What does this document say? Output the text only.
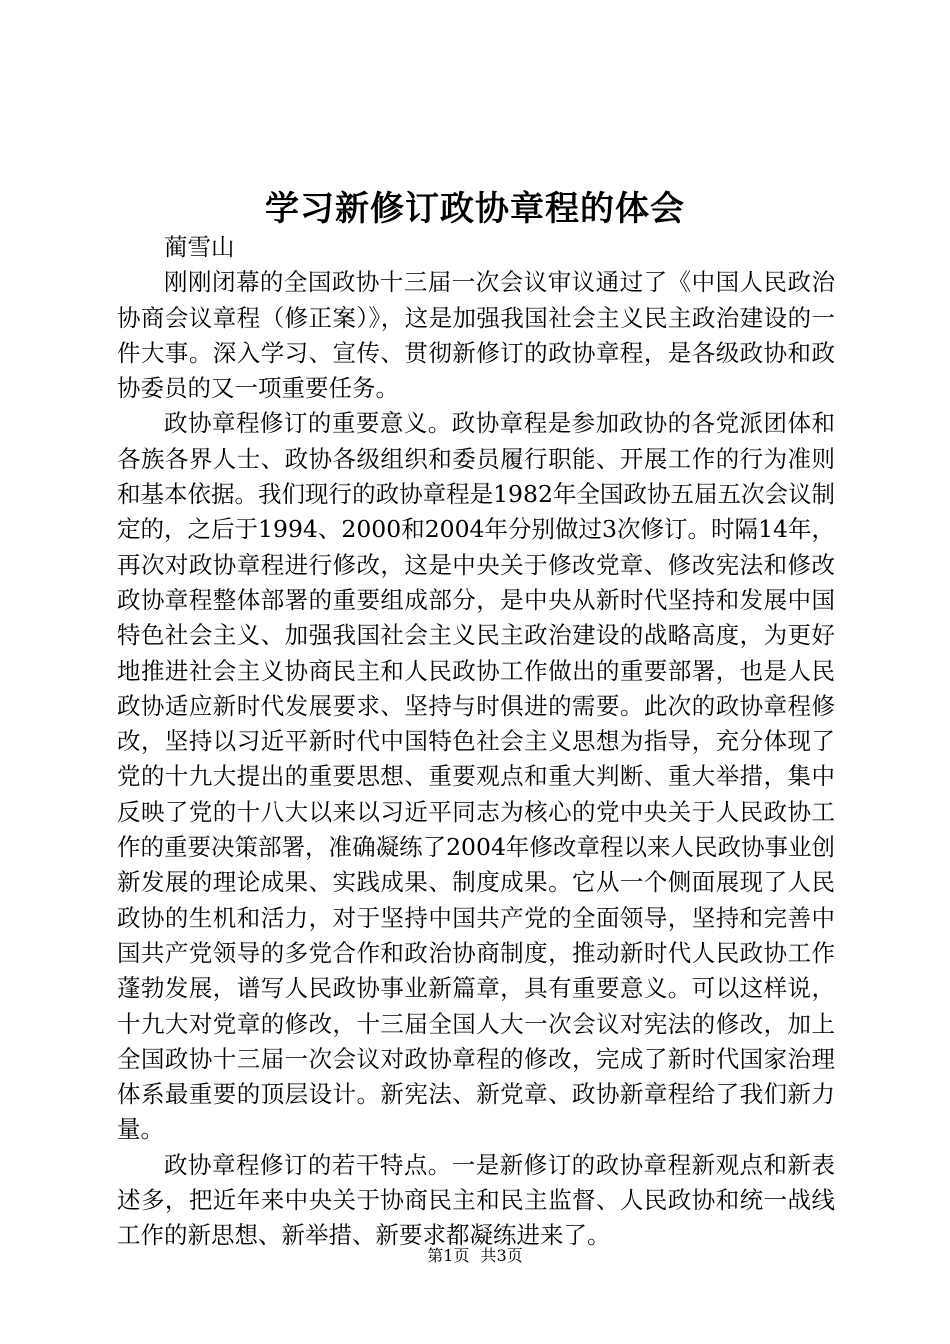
学习新修订政协章程的体会

蔺雪山

刚刚闭幕的全国政协十三届一次会议审议通过了《中国人民政治协商会议章程（修正案）》，这是加强我国社会主义民主政治建设的一件大事。深入学习、宣传、贯彻新修订的政协章程，是各级政协和政协委员的又一项重要任务。

政协章程修订的重要意义。政协章程是参加政协的各党派团体和各族各界人士、政协各级组织和委员履行职能、开展工作的行为准则和基本依据。我们现行的政协章程是1982年全国政协五届五次会议制定的，之后于1994、2000和2004年分别做过3次修订。时隔14年，再次对政协章程进行修改，这是中央关于修改党章、修改宪法和修改政协章程整体部署的重要组成部分，是中央从新时代坚持和发展中国特色社会主义、加强我国社会主义民主政治建设的战略高度，为更好地推进社会主义协商民主和人民政协工作做出的重要部署，也是人民政协适应新时代发展要求、坚持与时俱进的需要。此次的政协章程修改，坚持以习近平新时代中国特色社会主义思想为指导，充分体现了党的十九大提出的重要思想、重要观点和重大判断、重大举措，集中反映了党的十八大以来以习近平同志为核心的党中央关于人民政协工作的重要决策部署，准确凝练了2004年修改章程以来人民政协事业创新发展的理论成果、实践成果、制度成果。它从一个侧面展现了人民政协的生机和活力，对于坚持中国共产党的全面领导，坚持和完善中国共产党领导的多党合作和政治协商制度，推动新时代人民政协工作蓬勃发展，谱写人民政协事业新篇章，具有重要意义。可以这样说，十九大对党章的修改，十三届全国人大一次会议对宪法的修改，加上全国政协十三届一次会议对政协章程的修改，完成了新时代国家治理体系最重要的顶层设计。新宪法、新党章、政协新章程给了我们新力量。

政协章程修订的若干特点。一是新修订的政协章程新观点和新表述多，把近年来中央关于协商民主和民主监督、人民政协和统一战线工作的新思想、新举措、新要求都凝练进来了。

第1页 共3页
